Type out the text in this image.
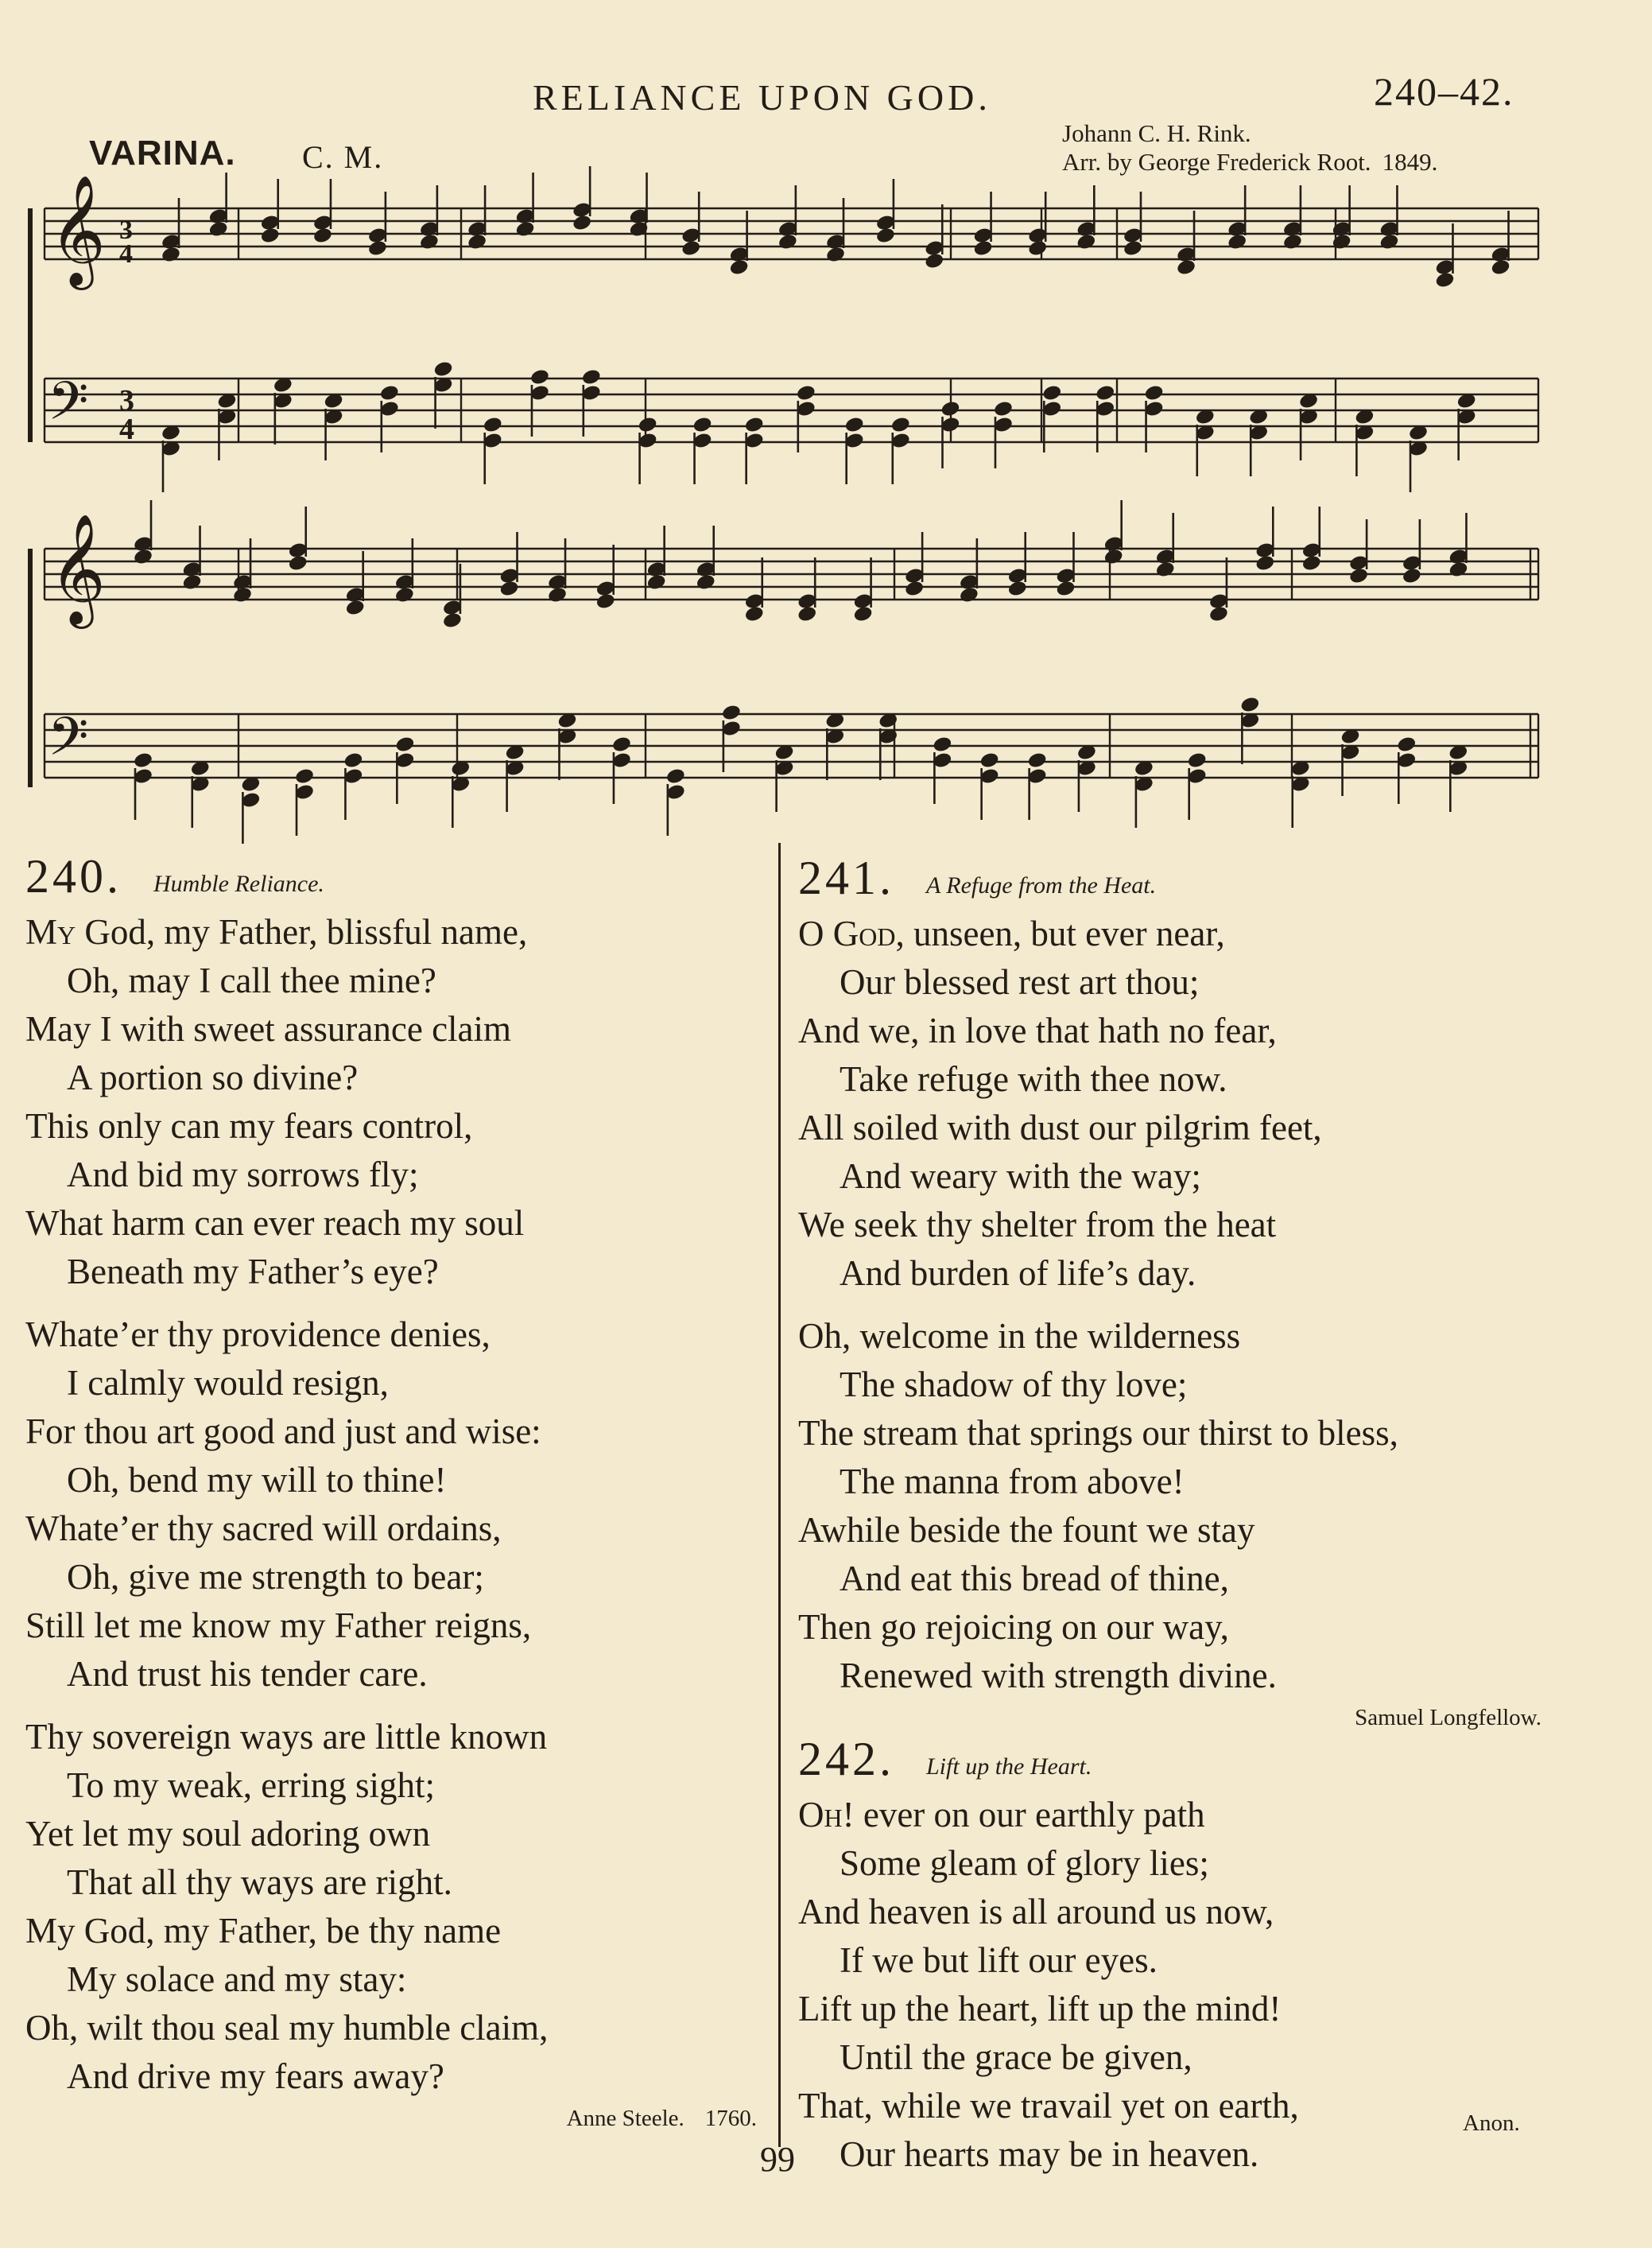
RELIANCE UPON GOD.	240–42.
VARINA. C. M.
Johann C. H. Rink.
Arr. by George Frederick Root. 1849.
𝄞
𝄢
3
4
3
4
𝄞
𝄢
240. Humble Reliance.
My God, my Father, blissful name,
Oh, may I call thee mine?
May I with sweet assurance claim
A portion so divine?
This only can my fears control,
And bid my sorrows fly;
What harm can ever reach my soul
Beneath my Father’s eye?
Whate’er thy providence denies,
I calmly would resign,
For thou art good and just and wise:
Oh, bend my will to thine!
Whate’er thy sacred will ordains,
Oh, give me strength to bear;
Still let me know my Father reigns,
And trust his tender care.
Thy sovereign ways are little known
To my weak, erring sight;
Yet let my soul adoring own
That all thy ways are right.
My God, my Father, be thy name
My solace and my stay:
Oh, wilt thou seal my humble claim,
And drive my fears away?
Anne Steele. 1760.
241. A Refuge from the Heat.
O God, unseen, but ever near,
Our blessed rest art thou;
And we, in love that hath no fear,
Take refuge with thee now.
All soiled with dust our pilgrim feet,
And weary with the way;
We seek thy shelter from the heat
And burden of life’s day.
Oh, welcome in the wilderness
The shadow of thy love;
The stream that springs our thirst to bless,
The manna from above!
Awhile beside the fount we stay
And eat this bread of thine,
Then go rejoicing on our way,
Renewed with strength divine.
Samuel Longfellow.
242. Lift up the Heart.
Oh! ever on our earthly path
Some gleam of glory lies;
And heaven is all around us now,
If we but lift our eyes.
Lift up the heart, lift up the mind!
Until the grace be given,
That, while we travail yet on earth,
Our hearts may be in heaven.
99
Anon.
